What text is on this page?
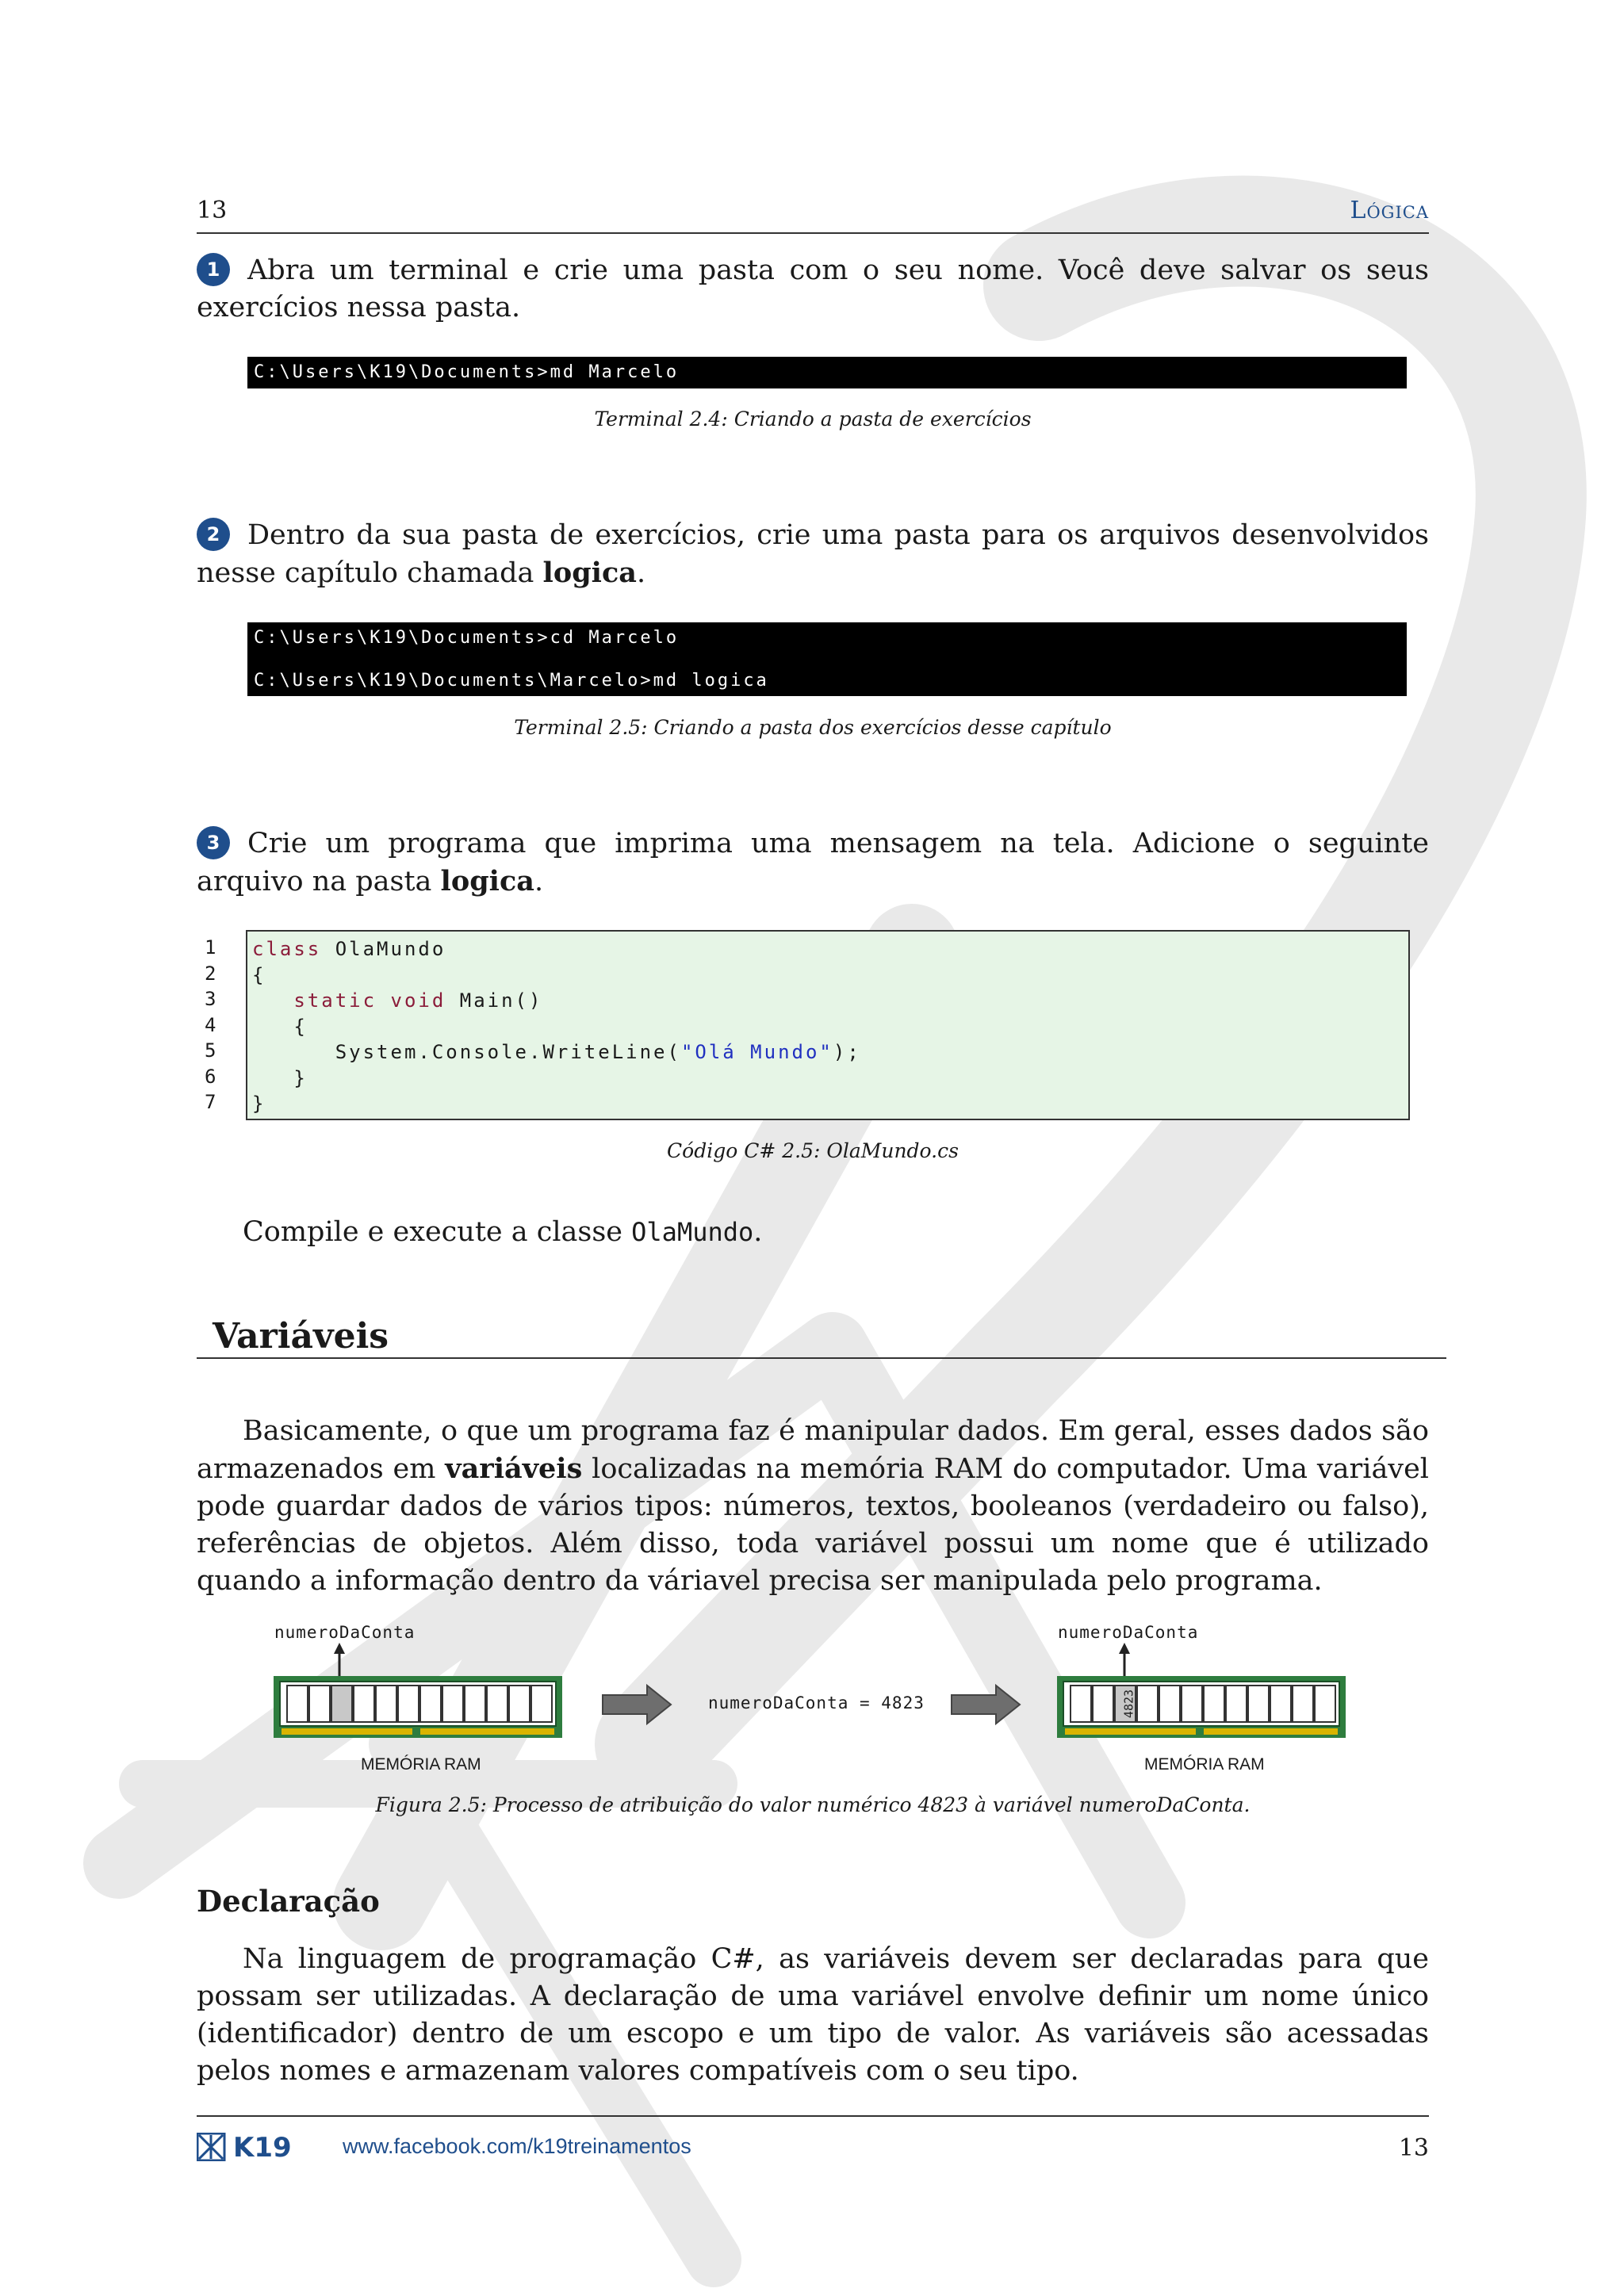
13	Lógica
1 Abra um terminal e crie uma pasta com o seu nome. Você deve salvar os seus exercícios nessa pasta.
C:\Users\K19\Documents>md Marcelo
Terminal 2.4: Criando a pasta de exercícios
2 Dentro da sua pasta de exercícios, crie uma pasta para os arquivos desenvolvidos nesse capítulo chamada logica.
C:\Users\K19\Documents>cd Marcelo
C:\Users\K19\Documents\Marcelo>md logica
Terminal 2.5: Criando a pasta dos exercícios desse capítulo
3 Crie um programa que imprima uma mensagem na tela. Adicione o seguinte arquivo na pasta logica.
1
2
3
4
5
6
7
class OlaMundo
{
static void Main()
{
System.Console.WriteLine("Olá Mundo");
}
}
Código C# 2.5: OlaMundo.cs
Compile e execute a classe OlaMundo.
Variáveis
Basicamente, o que um programa faz é manipular dados. Em geral, esses dados são armazenados em variáveis localizadas na memória RAM do computador. Uma variável pode guardar dados de vários tipos: números, textos, booleanos (verdadeiro ou falso), referências de objetos. Além disso, toda variável possui um nome que é utilizado quando a informação dentro da váriavel precisa ser manipulada pelo programa.
numeroDaConta	numeroDaConta
numeroDaConta = 4823
MEMÓRIA RAM	MEMÓRIA RAM
4823
Figura 2.5: Processo de atribuição do valor numérico 4823 à variável numeroDaConta.
Declaração
Na linguagem de programação C#, as variáveis devem ser declaradas para que possam ser utilizadas. A declaração de uma variável envolve definir um nome único (identificador) dentro de um escopo e um tipo de valor. As variáveis são acessadas pelos nomes e armazenam valores compatíveis com o seu tipo.
K19 www.facebook.com/k19treinamentos	13
